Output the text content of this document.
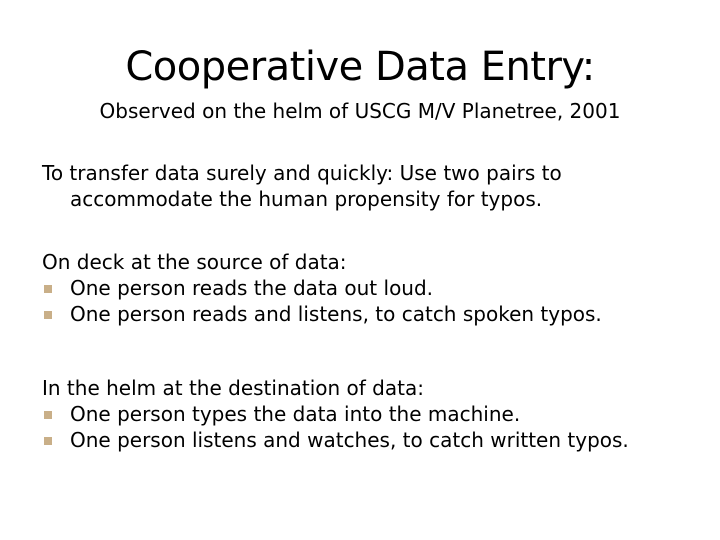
Cooperative Data Entry:
Observed on the helm of USCG M/V Planetree, 2001
To transfer data surely and quickly: Use two pairs to
accommodate the human propensity for typos.
On deck at the source of data:
One person reads the data out loud.
One person reads and listens, to catch spoken typos.
In the helm at the destination of data:
One person types the data into the machine.
One person listens and watches, to catch written typos.
